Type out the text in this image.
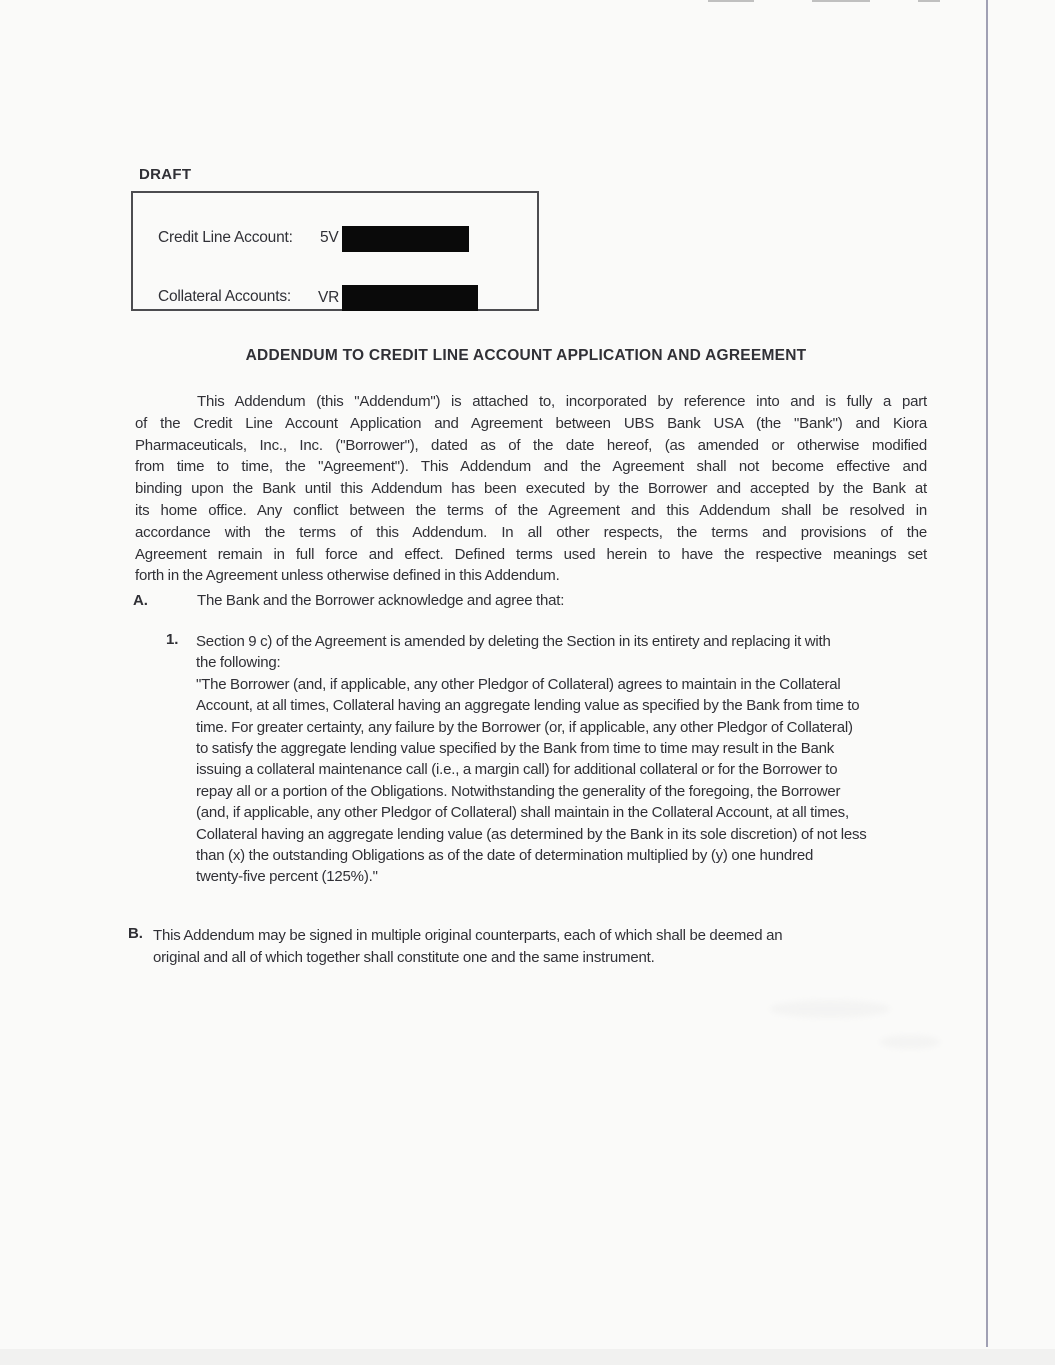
DRAFT
Credit Line Account: 5V
Collateral Accounts: VR
ADDENDUM TO CREDIT LINE ACCOUNT APPLICATION AND AGREEMENT
This Addendum (this "Addendum") is attached to, incorporated by reference into and is fully a part
of the Credit Line Account Application and Agreement between UBS Bank USA (the "Bank") and Kiora
Pharmaceuticals, Inc., Inc. ("Borrower"), dated as of the date hereof, (as amended or otherwise modified
from time to time, the "Agreement"). This Addendum and the Agreement shall not become effective and
binding upon the Bank until this Addendum has been executed by the Borrower and accepted by the Bank at
its home office. Any conflict between the terms of the Agreement and this Addendum shall be resolved in
accordance with the terms of this Addendum. In all other respects, the terms and provisions of the
Agreement remain in full force and effect. Defined terms used herein to have the respective meanings set
forth in the Agreement unless otherwise defined in this Addendum.
A.	The Bank and the Borrower acknowledge and agree that:
1. Section 9 c) of the Agreement is amended by deleting the Section in its entirety and replacing it with
the following:
"The Borrower (and, if applicable, any other Pledgor of Collateral) agrees to maintain in the Collateral
Account, at all times, Collateral having an aggregate lending value as specified by the Bank from time to
time. For greater certainty, any failure by the Borrower (or, if applicable, any other Pledgor of Collateral)
to satisfy the aggregate lending value specified by the Bank from time to time may result in the Bank
issuing a collateral maintenance call (i.e., a margin call) for additional collateral or for the Borrower to
repay all or a portion of the Obligations. Notwithstanding the generality of the foregoing, the Borrower
(and, if applicable, any other Pledgor of Collateral) shall maintain in the Collateral Account, at all times,
Collateral having an aggregate lending value (as determined by the Bank in its sole discretion) of not less
than (x) the outstanding Obligations as of the date of determination multiplied by (y) one hundred
twenty-five percent (125%)."
B. This Addendum may be signed in multiple original counterparts, each of which shall be deemed an
original and all of which together shall constitute one and the same instrument.
